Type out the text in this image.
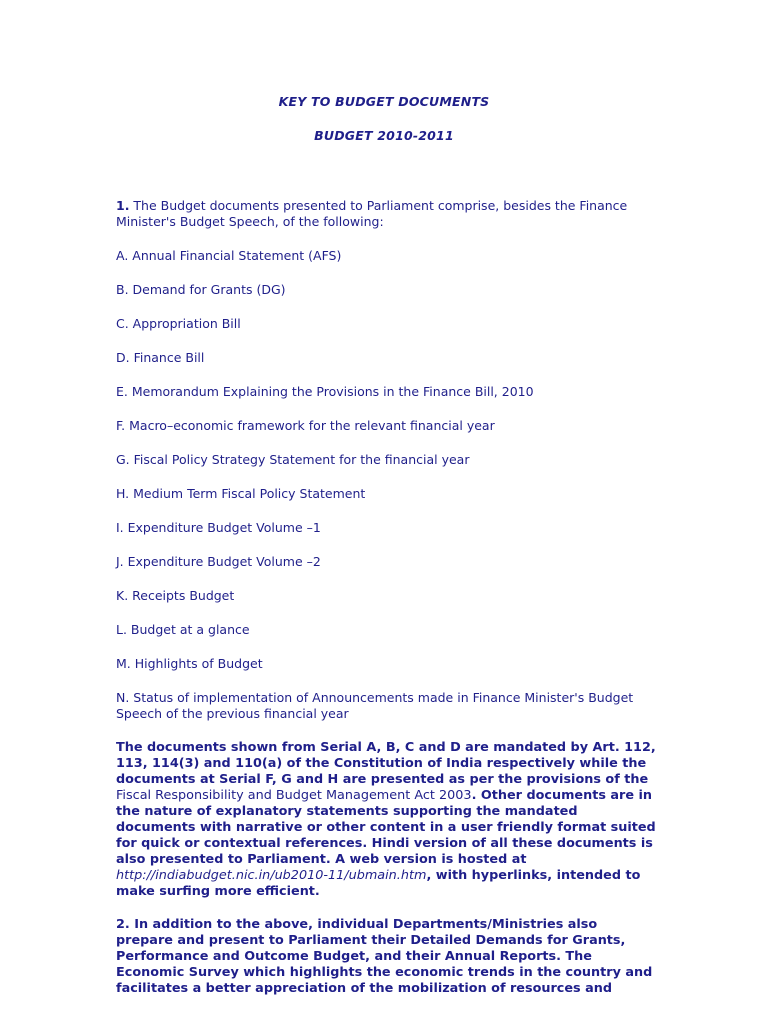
KEY TO BUDGET DOCUMENTS
BUDGET 2010-2011

1. The Budget documents presented to Parliament comprise, besides the Finance Minister's Budget Speech, of the following:

A. Annual Financial Statement (AFS)

B. Demand for Grants (DG)

C. Appropriation Bill

D. Finance Bill

E. Memorandum Explaining the Provisions in the Finance Bill, 2010

F. Macro–economic framework for the relevant financial year

G. Fiscal Policy Strategy Statement for the financial year

H. Medium Term Fiscal Policy Statement

I. Expenditure Budget Volume –1

J. Expenditure Budget Volume –2

K. Receipts Budget

L. Budget at a glance

M. Highlights of Budget

N. Status of implementation of Announcements made in Finance Minister's Budget Speech of the previous financial year

The documents shown from Serial A, B, C and D are mandated by Art. 112, 113, 114(3) and 110(a) of the Constitution of India respectively while the documents at Serial F, G and H are presented as per the provisions of the Fiscal Responsibility and Budget Management Act 2003. Other documents are in the nature of explanatory statements supporting the mandated documents with narrative or other content in a user friendly format suited for quick or contextual references. Hindi version of all these documents is also presented to Parliament. A web version is hosted at http://indiabudget.nic.in/ub2010-11/ubmain.htm, with hyperlinks, intended to make surfing more efficient.

2. In addition to the above, individual Departments/Ministries also prepare and present to Parliament their Detailed Demands for Grants, Performance and Outcome Budget, and their Annual Reports. The Economic Survey which highlights the economic trends in the country and facilitates a better appreciation of the mobilization of resources and
